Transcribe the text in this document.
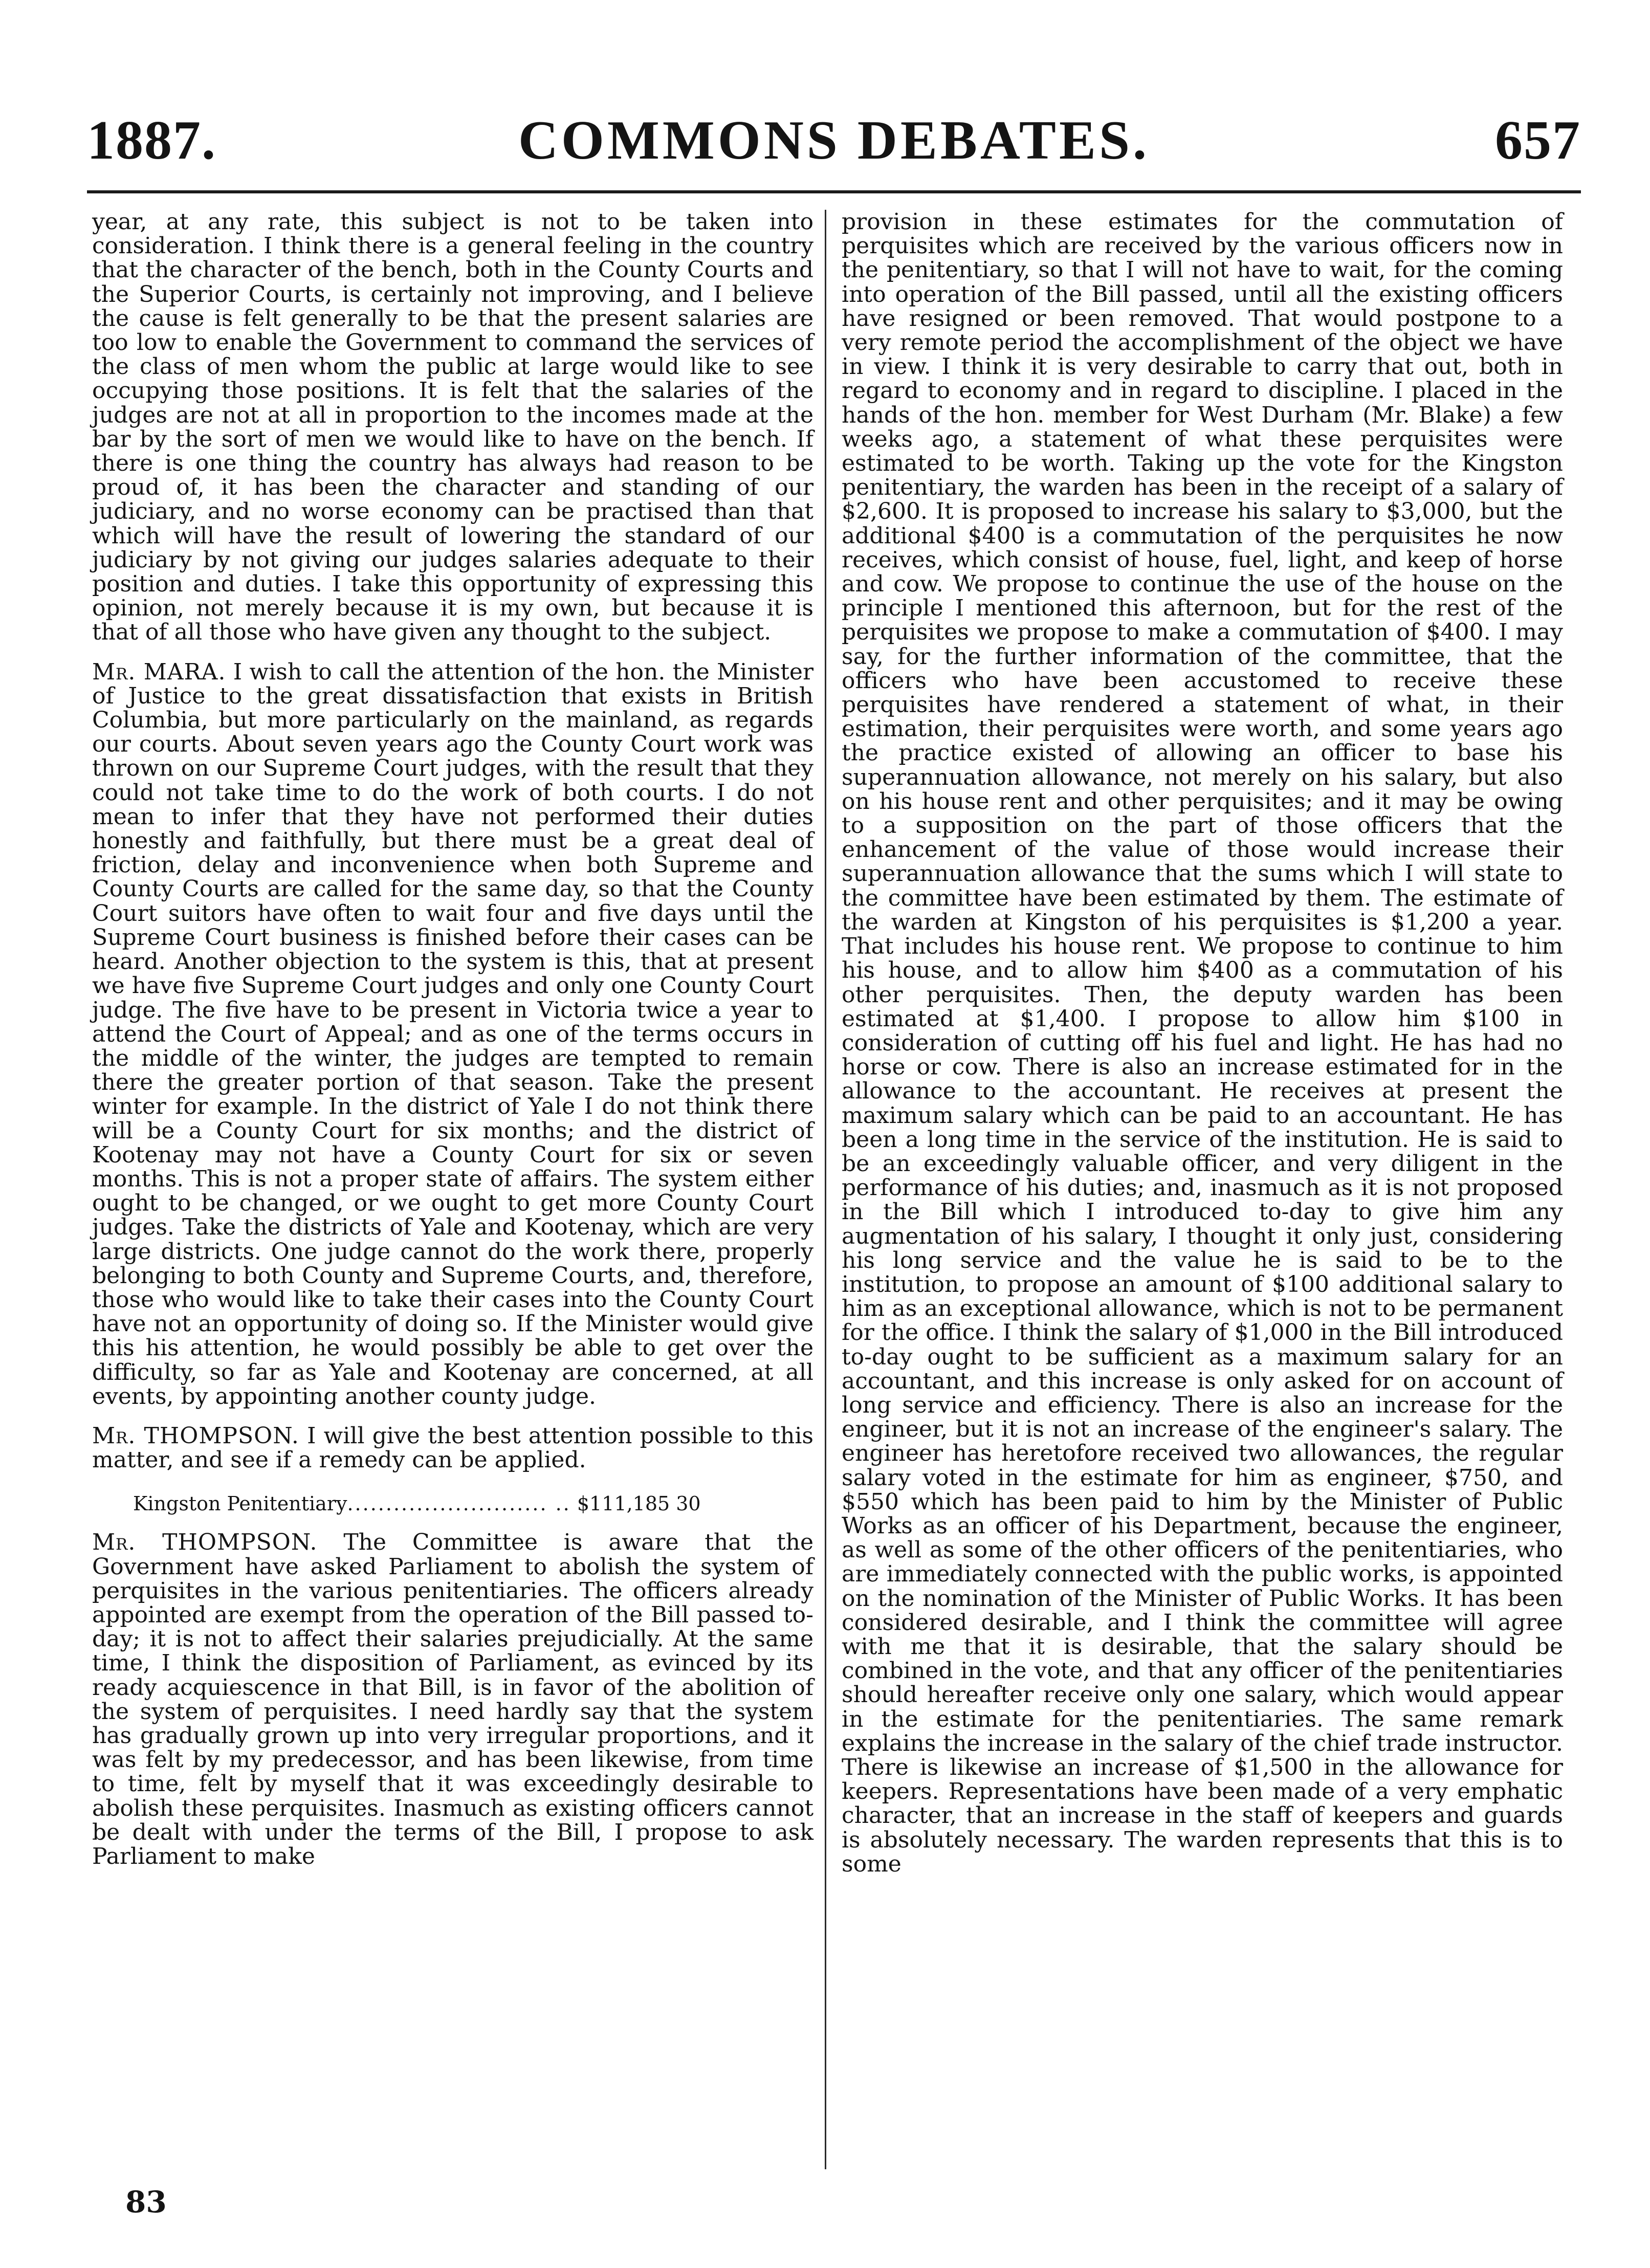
1887.	COMMONS DEBATES.	657

year, at any rate, this subject is not to be taken into consideration. I think there is a general feeling in the country that the character of the bench, both in the County Courts and the Superior Courts, is certainly not improving, and I believe the cause is felt generally to be that the present salaries are too low to enable the Government to command the services of the class of men whom the public at large would like to see occupying those positions. It is felt that the salaries of the judges are not at all in proportion to the incomes made at the bar by the sort of men we would like to have on the bench. If there is one thing the country has always had reason to be proud of, it has been the character and standing of our judiciary, and no worse economy can be practised than that which will have the result of lowering the standard of our judiciary by not giving our judges salaries adequate to their position and duties. I take this opportunity of expressing this opinion, not merely because it is my own, but because it is that of all those who have given any thought to the subject.

Mr. MARA. I wish to call the attention of the hon. the Minister of Justice to the great dissatisfaction that exists in British Columbia, but more particularly on the mainland, as regards our courts. About seven years ago the County Court work was thrown on our Supreme Court judges, with the result that they could not take time to do the work of both courts. I do not mean to infer that they have not performed their duties honestly and faithfully, but there must be a great deal of friction, delay and inconvenience when both Supreme and County Courts are called for the same day, so that the County Court suitors have often to wait four and five days until the Supreme Court business is finished before their cases can be heard. Another objection to the system is this, that at present we have five Supreme Court judges and only one County Court judge. The five have to be present in Victoria twice a year to attend the Court of Appeal; and as one of the terms occurs in the middle of the winter, the judges are tempted to remain there the greater portion of that season. Take the present winter for example. In the district of Yale I do not think there will be a County Court for six months; and the district of Kootenay may not have a County Court for six or seven months. This is not a proper state of affairs. The system either ought to be changed, or we ought to get more County Court judges. Take the districts of Yale and Kootenay, which are very large districts. One judge cannot do the work there, properly belonging to both County and Supreme Courts, and, therefore, those who would like to take their cases into the County Court have not an opportunity of doing so. If the Minister would give this his attention, he would possibly be able to get over the difficulty, so far as Yale and Kootenay are concerned, at all events, by appointing another county judge.

Mr. THOMPSON. I will give the best attention possible to this matter, and see if a remedy can be applied.

Kingston Penitentiary.......................... .. $111,185 30

Mr. THOMPSON. The Committee is aware that the Government have asked Parliament to abolish the system of perquisites in the various penitentiaries. The officers already appointed are exempt from the operation of the Bill passed to-day; it is not to affect their salaries prejudicially. At the same time, I think the disposition of Parliament, as evinced by its ready acquiescence in that Bill, is in favor of the abolition of the system of perquisites. I need hardly say that the system has gradually grown up into very irregular proportions, and it was felt by my predecessor, and has been likewise, from time to time, felt by myself that it was exceedingly desirable to abolish these perquisites. Inasmuch as existing officers cannot be dealt with under the terms of the Bill, I propose to ask Parliament to make

provision in these estimates for the commutation of perquisites which are received by the various officers now in the penitentiary, so that I will not have to wait, for the coming into operation of the Bill passed, until all the existing officers have resigned or been removed. That would postpone to a very remote period the accomplishment of the object we have in view. I think it is very desirable to carry that out, both in regard to economy and in regard to discipline. I placed in the hands of the hon. member for West Durham (Mr. Blake) a few weeks ago, a statement of what these perquisites were estimated to be worth. Taking up the vote for the Kingston penitentiary, the warden has been in the receipt of a salary of $2,600. It is proposed to increase his salary to $3,000, but the additional $400 is a commutation of the perquisites he now receives, which consist of house, fuel, light, and keep of horse and cow. We propose to continue the use of the house on the principle I mentioned this afternoon, but for the rest of the perquisites we propose to make a commutation of $400. I may say, for the further information of the committee, that the officers who have been accustomed to receive these perquisites have rendered a statement of what, in their estimation, their perquisites were worth, and some years ago the practice existed of allowing an officer to base his superannuation allowance, not merely on his salary, but also on his house rent and other perquisites; and it may be owing to a supposition on the part of those officers that the enhancement of the value of those would increase their superannuation allowance that the sums which I will state to the committee have been estimated by them. The estimate of the warden at Kingston of his perquisites is $1,200 a year. That includes his house rent. We propose to continue to him his house, and to allow him $400 as a commutation of his other perquisites. Then, the deputy warden has been estimated at $1,400. I propose to allow him $100 in consideration of cutting off his fuel and light. He has had no horse or cow. There is also an increase estimated for in the allowance to the accountant. He receives at present the maximum salary which can be paid to an accountant. He has been a long time in the service of the institution. He is said to be an exceedingly valuable officer, and very diligent in the performance of his duties; and, inasmuch as it is not proposed in the Bill which I introduced to-day to give him any augmentation of his salary, I thought it only just, considering his long service and the value he is said to be to the institution, to propose an amount of $100 additional salary to him as an exceptional allowance, which is not to be permanent for the office. I think the salary of $1,000 in the Bill introduced to-day ought to be sufficient as a maximum salary for an accountant, and this increase is only asked for on account of long service and efficiency. There is also an increase for the engineer, but it is not an increase of the engineer's salary. The engineer has heretofore received two allowances, the regular salary voted in the estimate for him as engineer, $750, and $550 which has been paid to him by the Minister of Public Works as an officer of his Department, because the engineer, as well as some of the other officers of the penitentiaries, who are immediately connected with the public works, is appointed on the nomination of the Minister of Public Works. It has been considered desirable, and I think the committee will agree with me that it is desirable, that the salary should be combined in the vote, and that any officer of the penitentiaries should hereafter receive only one salary, which would appear in the estimate for the penitentiaries. The same remark explains the increase in the salary of the chief trade instructor. There is likewise an increase of $1,500 in the allowance for keepers. Representations have been made of a very emphatic character, that an increase in the staff of keepers and guards is absolutely necessary. The warden represents that this is to some

83
